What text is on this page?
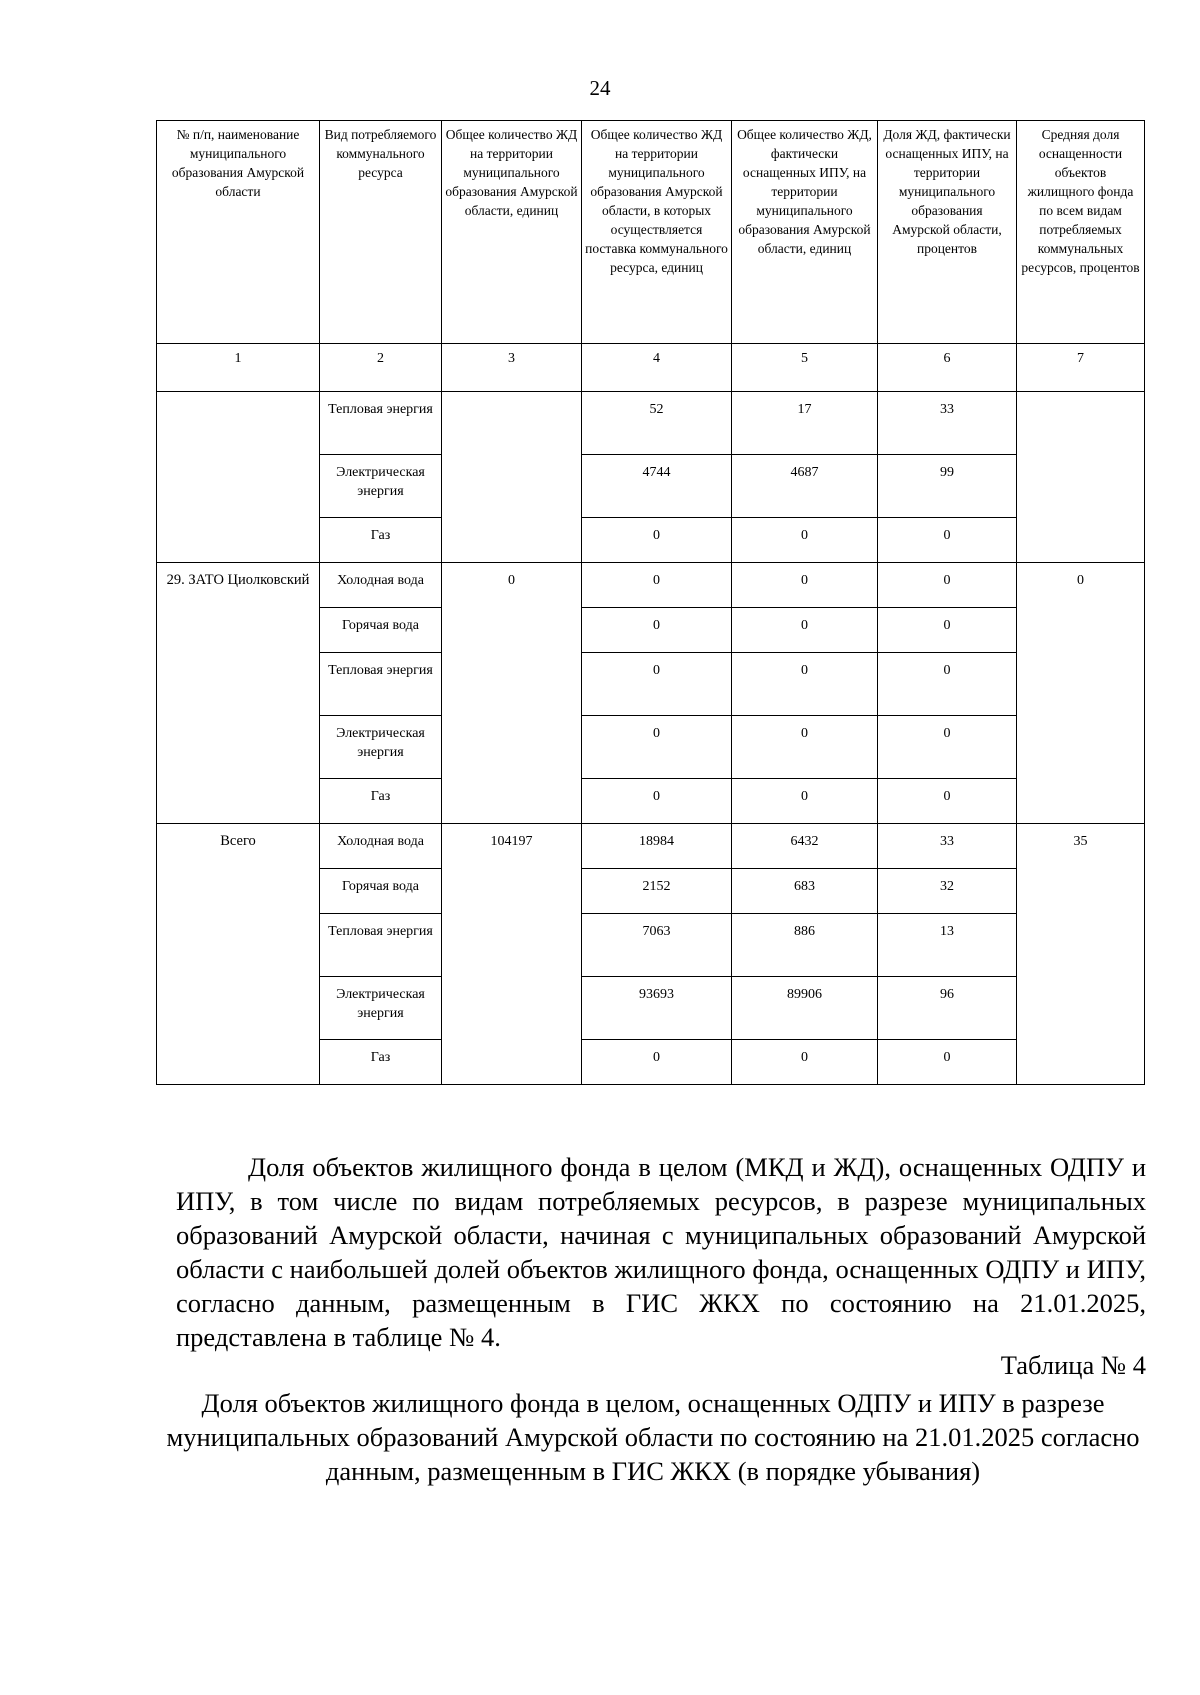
24
№ п/п, наименование муниципального образования Амурской области	Вид потребляемого коммунального ресурса	Общее количество ЖД на территории муниципального образования Амурской области, единиц	Общее количество ЖД на территории муниципального образования Амурской области, в которых осуществляется поставка коммунального ресурса, единиц	Общее количество ЖД, фактически оснащенных ИПУ, на территории муниципального образования Амурской области, единиц	Доля ЖД, фактически оснащенных ИПУ, на территории муниципального образования Амурской области, процентов	Средняя доля оснащенности объектов жилищного фонда по всем видам потребляемых коммунальных ресурсов, процентов
1	2	3	4	5	6	7
	Тепловая энергия		52	17	33	
	Электрическая энергия		4744	4687	99	
	Газ		0	0	0	
29. ЗАТО Циолковский	Холодная вода	0	0	0	0	0
	Горячая вода		0	0	0	
	Тепловая энергия		0	0	0	
	Электрическая энергия		0	0	0	
	Газ		0	0	0	
Всего	Холодная вода	104197	18984	6432	33	35
	Горячая вода		2152	683	32	
	Тепловая энергия		7063	886	13	
	Электрическая энергия		93693	89906	96	
	Газ		0	0	0	
Доля объектов жилищного фонда в целом (МКД и ЖД), оснащенных ОДПУ и ИПУ, в том числе по видам потребляемых ресурсов, в разрезе муниципальных образований Амурской области, начиная с муниципальных образований Амурской области с наибольшей долей объектов жилищного фонда, оснащенных ОДПУ и ИПУ, согласно данным, размещенным в ГИС ЖКХ по состоянию на 21.01.2025, представлена в таблице № 4.
Таблица № 4
Доля объектов жилищного фонда в целом, оснащенных ОДПУ и ИПУ в разрезе муниципальных образований Амурской области по состоянию на 21.01.2025 согласно данным, размещенным в ГИС ЖКХ (в порядке убывания)
